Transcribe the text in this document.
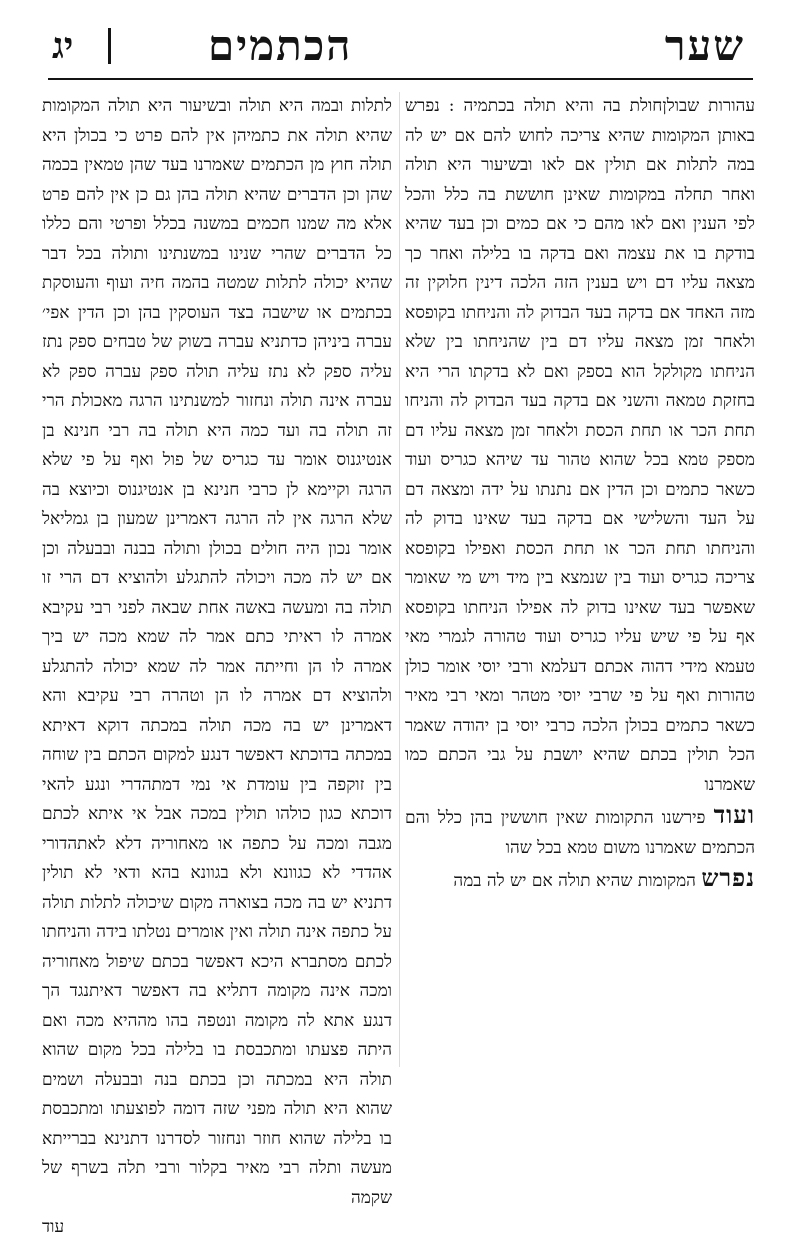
שער
הכתמים
יג

עהורות שבולןחולת בה והיא תולה בכתמיה : נפרש באותן המקומות שהיא צריכה לחוש להם אם יש לה במה לתלות אם תולין אם לאו ובשיעור היא תולה ואחר תחלה במקומות שאינן חוששת בה כלל והכל לפי הענין ואם לאו מהם כי אם כמים וכן בעד שהיא בודקת בו את עצמה ואם בדקה בו בלילה ואחר כך מצאה עליו דם ויש בענין הזה הלכה דינין חלוקין זה מזה האחד אם בדקה בעד הבדוק לה והניחתו בקופסא ולאחר זמן מצאה עליו דם בין שהניחתו בין שלא הניחתו מקולקל הוא בספק ואם לא בדקתו הרי היא בחזקת טמאה והשני אם בדקה בעד הבדוק לה והניחו תחת הכר או תחת הכסת ולאחר זמן מצאה עליו דם מספק טמא בכל שהוא טהור עד שיהא כגריס ועוד כשאר כתמים וכן הדין אם נתנתו על ידה ומצאה דם על העד והשלישי אם בדקה בעד שאינו בדוק לה והניחתו תחת הכר או תחת הכסת ואפילו בקופסא צריכה כגריס ועוד בין שנמצא בין מיד ויש מי שאומר שאפשר בעד שאינו בדוק לה אפילו הניחתו בקופסא אף על פי שיש עליו כגריס ועוד טהורה לגמרי מאי טעמא מידי דהוה אכתם דעלמא ורבי יוסי אומר כולן טהורות ואף על פי שרבי יוסי מטהר ומאי רבי מאיר כשאר כתמים בכולן הלכה כרבי יוסי בן יהודה שאמר הכל תולין בכתם שהיא יושבת על גבי הכתם כמו שאמרנו

ועוד פירשנו התקומות שאין חוששין בהן כלל והם הכתמים שאמרנו משום טמא בכל שהו

נפרש המקומות שהיא תולה אם יש לה במה

לתלות ובמה היא תולה ובשיעור היא תולה המקומות שהיא תולה את כתמיהן אין להם פרט כי בכולן היא תולה חוץ מן הכתמים שאמרנו בעד שהן טמאין בכמה שהן וכן הדברים שהיא תולה בהן גם כן אין להם פרט אלא מה שמנו חכמים במשנה בכלל ופרטי והם כללו כל הדברים שהרי שנינו במשנתינו ותולה בכל דבר שהיא יכולה לתלות שמטה בהמה חיה ועוף והעוסקת בכתמים או שישבה בצד העוסקין בהן וכן הדין אפי׳ עברה ביניהן כדתניא עברה בשוק של טבחים ספק נתז עליה ספק לא נתז עליה תולה ספק עברה ספק לא עברה אינה תולה ונחזור למשנתינו הרגה מאכולת הרי זה תולה בה ועד כמה היא תולה בה רבי חנינא בן אנטיגנוס אומר עד כגריס של פול ואף על פי שלא הרגה וקיימא לן כרבי חנינא בן אנטיגנוס וכיוצא בה שלא הרגה אין לה הרגה דאמרינן שמעון בן גמליאל אומר נכון היה חולים בכולן ותולה בבנה ובבעלה וכן אם יש לה מכה ויכולה להתגלע ולהוציא דם הרי זו תולה בה ומעשה באשה אחת שבאה לפני רבי עקיבא אמרה לו ראיתי כתם אמר לה שמא מכה יש ביך אמרה לו הן וחייתה אמר לה שמא יכולה להתגלע ולהוציא דם אמרה לו הן וטהרה רבי עקיבא והא דאמרינן יש בה מכה תולה במכתה דוקא דאיתא במכתה בדוכתא דאפשר דנגע למקום הכתם בין שוחה בין זוקפה בין עומדת אי נמי דמתהדרי ונגע להאי דוכתא כגון כולהו תולין במכה אבל אי איתא לכתם מגבה ומכה על כתפה או מאחוריה דלא לאתהדורי אהדדי לא כגוונא ולא בגוונא בהא ודאי לא תולין דתניא יש בה מכה בצוארה מקום שיכולה לתלות תולה על כתפה אינה תולה ואין אומרים נטלתו בידה והניחתו לכתם מסתברא היכא דאפשר בכתם שיפול מאחוריה ומכה אינה מקומה דתליא בה דאפשר דאיתנגד הך דנגע אתא לה מקומה ונטפה בהו מההיא מכה ואם היתה פצעתו ומתכבסת בו בלילה בכל מקום שהוא תולה היא במכתה וכן בכתם בנה ובבעלה ושמים שהוא היא תולה מפני שזה דומה לפוצעתו ומתכבסת בו בלילה שהוא חוזר ונחזור לסדרנו דתנינא בברייתא מעשה ותלה רבי מאיר בקלור ורבי תלה בשרף של שקמה

עוד
